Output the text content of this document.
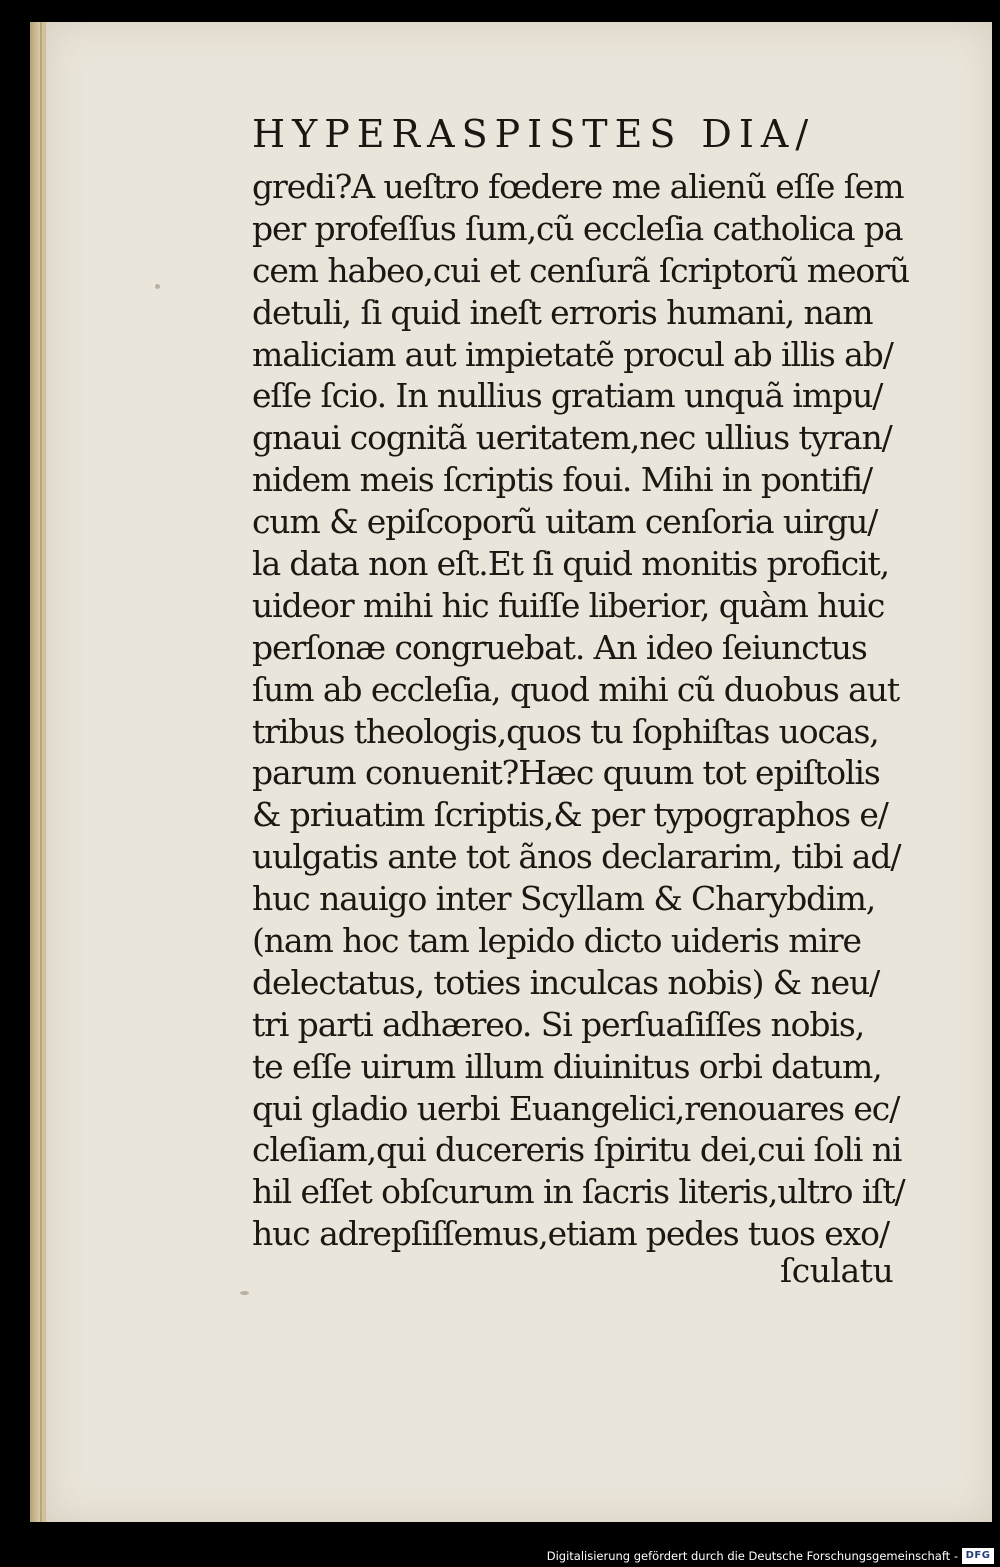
HYPERASPISTES DIA/
gredi?A ueſtro fœdere me alienũ eſſe ſem
per profeſſus ſum,cũ eccleſia catholica pa
cem habeo,cui et cenſurã ſcriptorũ meorũ
detuli, ſi quid ineſt erroris humani, nam
maliciam aut impietatẽ procul ab illis ab/
eſſe ſcio. In nullius gratiam unquã impu/
gnaui cognitã ueritatem,nec ullius tyran/
nidem meis ſcriptis foui. Mihi in pontifi/
cum & epiſcoporũ uitam cenſoria uirgu/
la data non eſt.Et ſi quid monitis proficit,
uideor mihi hic fuiſſe liberior, quàm huic
perſonæ congruebat. An ideo ſeiunctus
ſum ab eccleſia, quod mihi cũ duobus aut
tribus theologis,quos tu ſophiſtas uocas,
parum conuenit?Hæc quum tot epiſtolis
& priuatim ſcriptis,& per typographos e/
uulgatis ante tot ãnos declararim, tibi ad/
huc nauigo inter Scyllam & Charybdim,
(nam hoc tam lepido dicto uideris mire
delectatus, toties inculcas nobis) & neu/
tri parti adhæreo. Si perſuaſiſſes nobis,
te eſſe uirum illum diuinitus orbi datum,
qui gladio uerbi Euangelici,renouares ec/
cleſiam,qui ducereris ſpiritu dei,cui ſoli ni
hil eſſet obſcurum in ſacris literis,ultro iſt/
huc adrepſiſſemus,etiam pedes tuos exo/
ſculatu
Digitalisierung gefördert durch die Deutsche Forschungsgemeinschaft - DFG
